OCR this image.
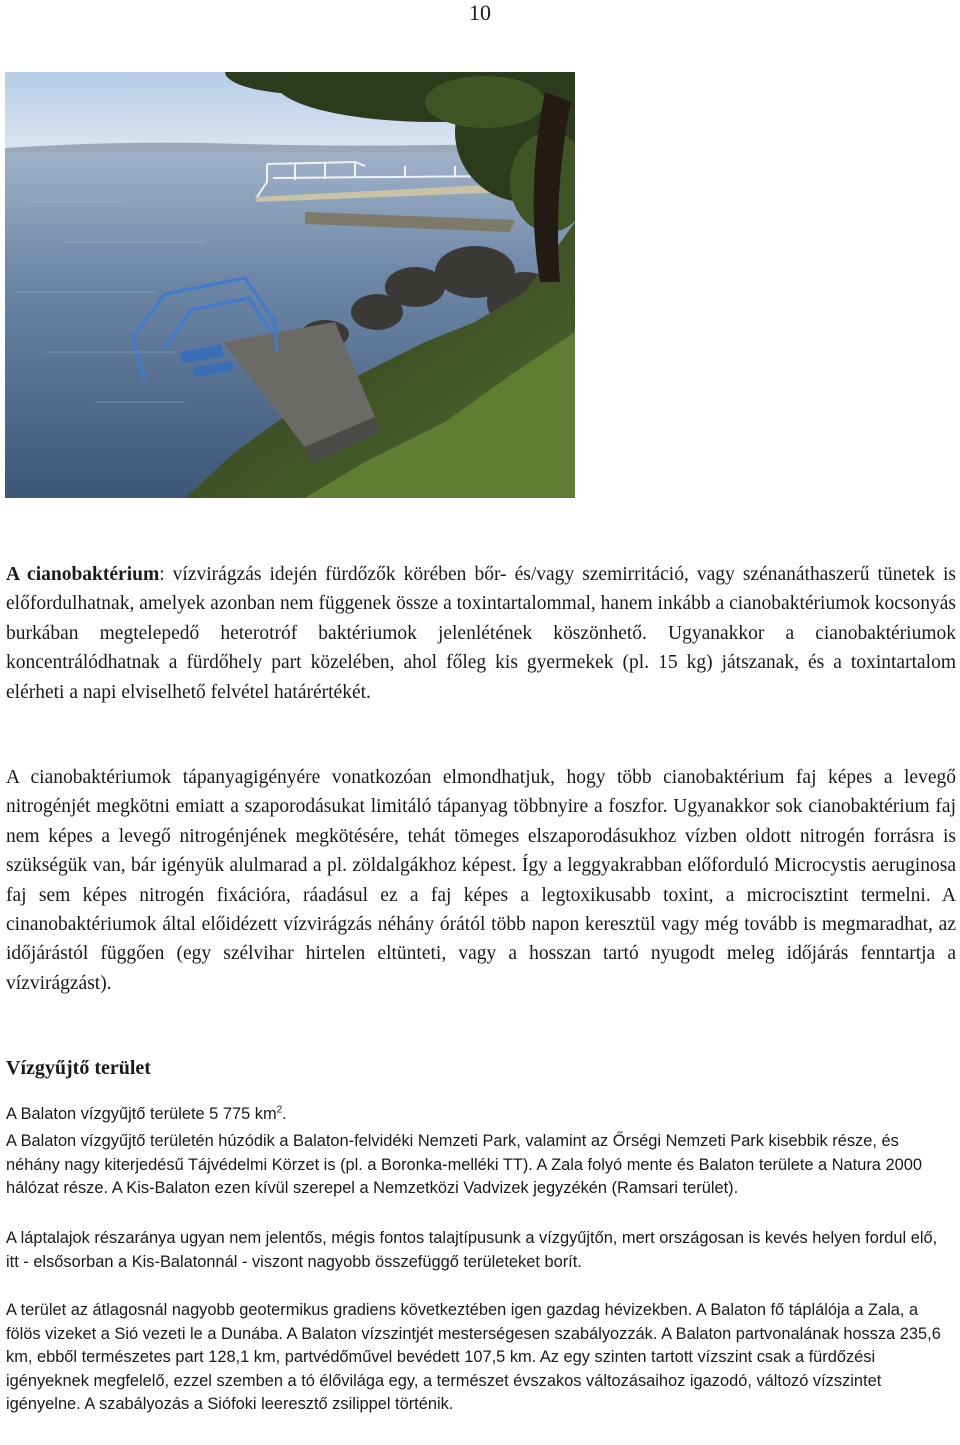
10

A cianobaktérium: vízvirágzás idején fürdőzők körében bőr- és/vagy szemirritáció, vagy szénanáthaszerű tünetek is előfordulhatnak, amelyek azonban nem függenek össze a toxintartalommal, hanem inkább a cianobaktériumok kocsonyás burkában megtelepedő heterotróf baktériumok jelenlétének köszönhető. Ugyanakkor a cianobaktériumok koncentrálódhatnak a fürdőhely part közelében, ahol főleg kis gyermekek (pl. 15 kg) játszanak, és a toxintartalom elérheti a napi elviselhető felvétel határértékét.

A cianobaktériumok tápanyagigényére vonatkozóan elmondhatjuk, hogy több cianobaktérium faj képes a levegő nitrogénjét megkötni emiatt a szaporodásukat limitáló tápanyag többnyire a foszfor. Ugyanakkor sok cianobaktérium faj nem képes a levegő nitrogénjének megkötésére, tehát tömeges elszaporodásukhoz vízben oldott nitrogén forrásra is szükségük van, bár igényük alulmarad a pl. zöldalgákhoz képest. Így a leggyakrabban előforduló Microcystis aeruginosa faj sem képes nitrogén fixációra, ráadásul ez a faj képes a legtoxikusabb toxint, a microcisztint termelni. A cinanobaktériumok által előidézett vízvirágzás néhány órától több napon keresztül vagy még tovább is megmaradhat, az időjárástól függően (egy szélvihar hirtelen eltünteti, vagy a hosszan tartó nyugodt meleg időjárás fenntartja a vízvirágzást).

Vízgyűjtő terület

A Balaton vízgyűjtő területe 5 775 $km^2$.

A Balaton vízgyűjtő területén húzódik a Balaton-felvidéki Nemzeti Park, valamint az Őrségi Nemzeti Park kisebbik része, és néhány nagy kiterjedésű Tájvédelmi Körzet is (pl. a Boronka-melléki TT). A Zala folyó mente és Balaton területe a Natura 2000 hálózat része. A Kis-Balaton ezen kívül szerepel a Nemzetközi Vadvizek jegyzékén (Ramsari terület).

A láptalajok részaránya ugyan nem jelentős, mégis fontos talajtípusunk a vízgyűjtőn, mert országosan is kevés helyen fordul elő, itt - elsősorban a Kis-Balatonnál - viszont nagyobb összefüggő területeket borít.

A terület az átlagosnál nagyobb geotermikus gradiens következtében igen gazdag hévizekben. A Balaton fő táplálója a Zala, a fölös vizeket a Sió vezeti le a Dunába. A Balaton vízszintjét mesterségesen szabályozzák. A Balaton partvonalának hossza 235,6 km, ebből természetes part 128,1 km, partvédőművel bevédett 107,5 km. Az egy szinten tartott vízszint csak a fürdőzési igényeknek megfelelő, ezzel szemben a tó élővilága egy, a természet évszakos változásaihoz igazodó, változó vízszintet igényelne. A szabályozás a Siófoki leeresztő zsilippel történik.
